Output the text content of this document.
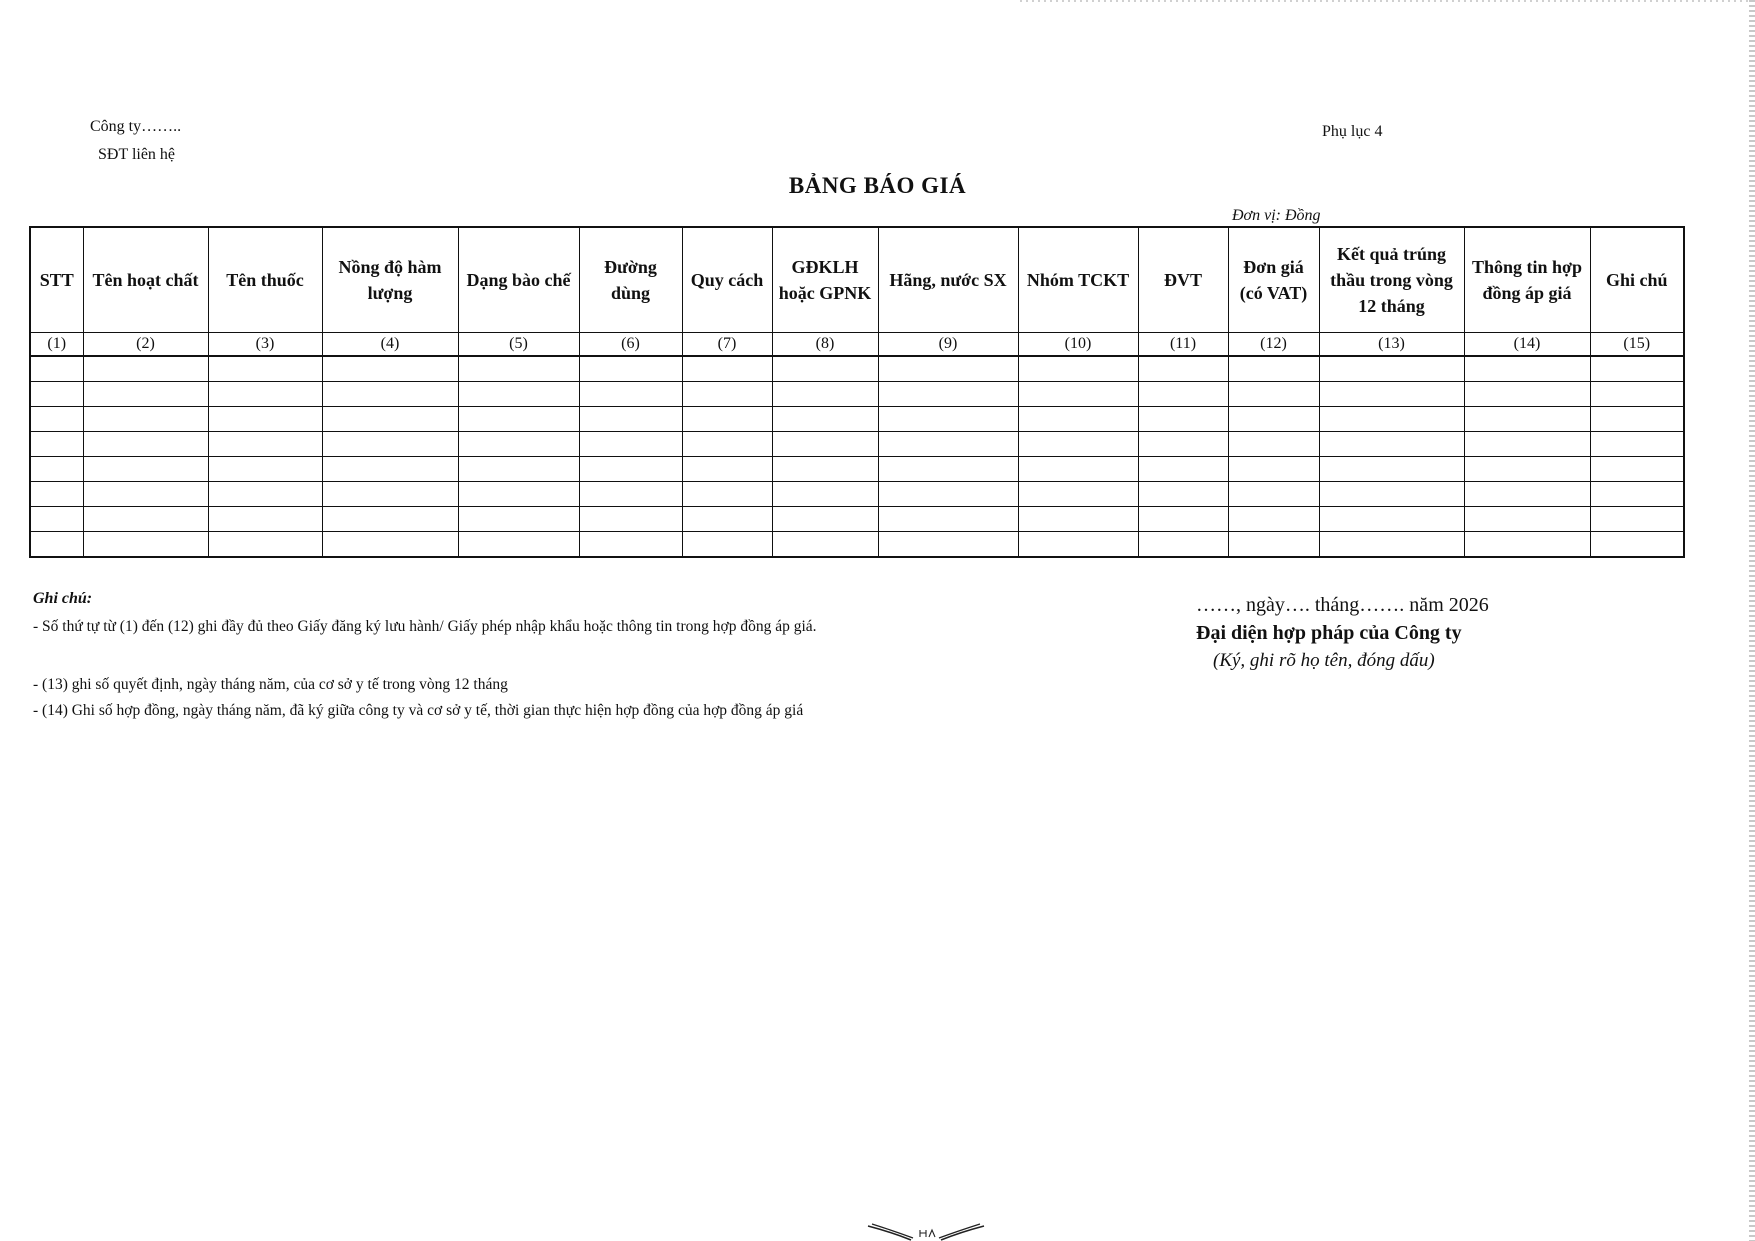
Công ty……..
SĐT liên hệ
Phụ lục 4
BẢNG BÁO GIÁ
Đơn vị: Đồng
STT	Tên hoạt chất	Tên thuốc	Nồng độ hàm lượng	Dạng bào chế	Đường dùng	Quy cách	GĐKLH hoặc GPNK	Hãng, nước SX	Nhóm TCKT	ĐVT	Đơn giá (có VAT)	Kết quả trúng thầu trong vòng 12 tháng	Thông tin hợp đồng áp giá	Ghi chú
(1)	(2)	(3)	(4)	(5)	(6)	(7)	(8)	(9)	(10)	(11)	(12)	(13)	(14)	(15)

Ghi chú:
- Số thứ tự từ (1) đến (12) ghi đầy đủ theo Giấy đăng ký lưu hành/ Giấy phép nhập khẩu hoặc thông tin trong hợp đồng áp giá.
- (13) ghi số quyết định, ngày tháng năm, của cơ sở y tế trong vòng 12 tháng
- (14) Ghi số hợp đồng, ngày tháng năm, đã ký giữa công ty và cơ sở y tế, thời gian thực hiện hợp đồng của hợp đồng áp giá
……, ngày…. tháng……. năm 2026
Đại diện hợp pháp của Công ty
(Ký, ghi rõ họ tên, đóng dấu)
